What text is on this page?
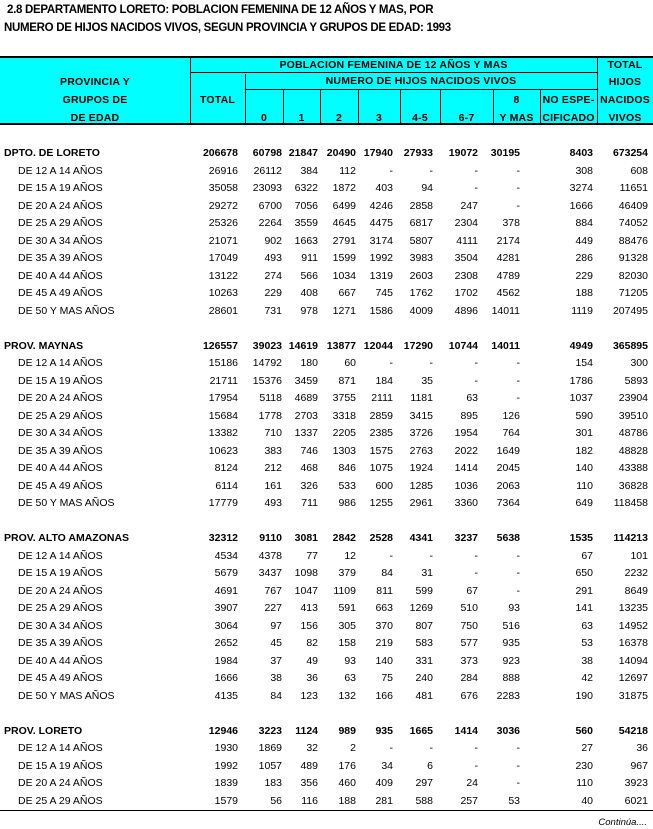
2.8 DEPARTAMENTO LORETO: POBLACION FEMENINA DE 12 AÑOS Y MAS, POR
NUMERO DE HIJOS NACIDOS VIVOS, SEGUN PROVINCIA Y GRUPOS DE EDAD: 1993
PROVINCIA Y
GRUPOS DE
DE EDAD
POBLACION FEMENINA DE 12 AÑOS Y MAS
NUMERO DE HIJOS NACIDOS VIVOS
TOTAL
0	1	2	3	4-5	6-7
8
Y MAS
NO ESPE-
CIFICADO
TOTAL
HIJOS
NACIDOS
VIVOS
DPTO. DE LORETO	206678	60798 21847 20490 17940	27933	19072	30195	8403	673254
DE 12 A 14 AÑOS	26916	26112	384	112	-	-	-	-	308	608
DE 15 A 19 AÑOS	35058	23093	6322	1872	403	94	-	-	3274	11651
DE 20 A 24 AÑOS	29272	6700	7056	6499	4246	2858	247	-	1666	46409
DE 25 A 29 AÑOS	25326	2264	3559	4645	4475	6817	2304	378	884	74052
DE 30 A 34 AÑOS	21071	902	1663	2791	3174	5807	4111	2174	449	88476
DE 35 A 39 AÑOS	17049	493	911	1599	1992	3983	3504	4281	286	91328
DE 40 A 44 AÑOS	13122	274	566	1034	1319	2603	2308	4789	229	82030
DE 45 A 49 AÑOS	10263	229	408	667	745	1762	1702	4562	188	71205
DE 50 Y MAS AÑOS	28601	731	978	1271	1586	4009	4896	14011	1119	207495
PROV. MAYNAS	126557	39023 14619 13877 12044	17290	10744	14011	4949	365895
DE 12 A 14 AÑOS	15186	14792	180	60	-	-	-	-	154	300
DE 15 A 19 AÑOS	21711	15376	3459	871	184	35	-	-	1786	5893
DE 20 A 24 AÑOS	17954	5118	4689	3755	2111	1181	63	-	1037	23904
DE 25 A 29 AÑOS	15684	1778	2703	3318	2859	3415	895	126	590	39510
DE 30 A 34 AÑOS	13382	710	1337	2205	2385	3726	1954	764	301	48786
DE 35 A 39 AÑOS	10623	383	746	1303	1575	2763	2022	1649	182	48828
DE 40 A 44 AÑOS	8124	212	468	846	1075	1924	1414	2045	140	43388
DE 45 A 49 AÑOS	6114	161	326	533	600	1285	1036	2063	110	36828
DE 50 Y MAS AÑOS	17779	493	711	986	1255	2961	3360	7364	649	118458
PROV. ALTO AMAZONAS	32312	9110	3081	2842	2528	4341	3237	5638	1535	114213
DE 12 A 14 AÑOS	4534	4378	77	12	-	-	-	-	67	101
DE 15 A 19 AÑOS	5679	3437	1098	379	84	31	-	-	650	2232
DE 20 A 24 AÑOS	4691	767	1047	1109	811	599	67	-	291	8649
DE 25 A 29 AÑOS	3907	227	413	591	663	1269	510	93	141	13235
DE 30 A 34 AÑOS	3064	97	156	305	370	807	750	516	63	14952
DE 35 A 39 AÑOS	2652	45	82	158	219	583	577	935	53	16378
DE 40 A 44 AÑOS	1984	37	49	93	140	331	373	923	38	14094
DE 45 A 49 AÑOS	1666	38	36	63	75	240	284	888	42	12697
DE 50 Y MAS AÑOS	4135	84	123	132	166	481	676	2283	190	31875
PROV. LORETO	12946	3223	1124	989	935	1665	1414	3036	560	54218
DE 12 A 14 AÑOS	1930	1869	32	2	-	-	-	-	27	36
DE 15 A 19 AÑOS	1992	1057	489	176	34	6	-	-	230	967
DE 20 A 24 AÑOS	1839	183	356	460	409	297	24	-	110	3923
DE 25 A 29 AÑOS	1579	56	116	188	281	588	257	53	40	6021
Continúa....
